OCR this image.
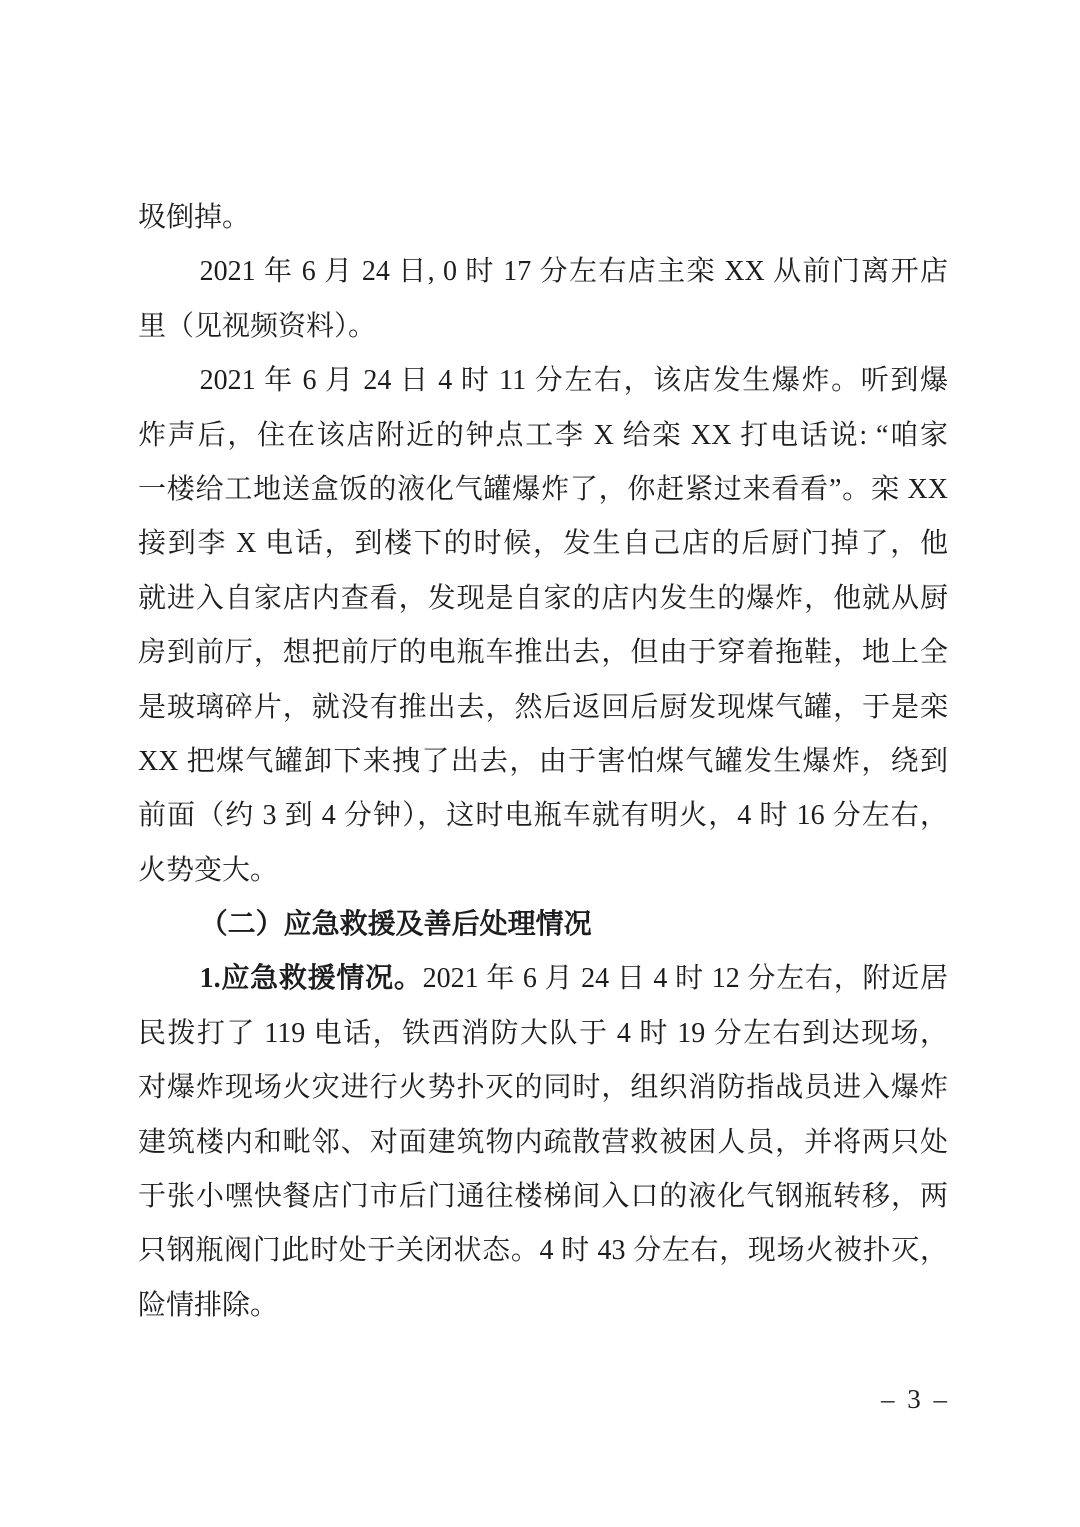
圾倒掉。
2021 年 6 月 24 日, 0 时 17 分左右店主栾 XX 从前门离开店
里（见视频资料）。
2021 年 6 月 24 日 4 时 11 分左右，该店发生爆炸。听到爆
炸声后，住在该店附近的钟点工李 X 给栾 XX 打电话说: “咱家
一楼给工地送盒饭的液化气罐爆炸了，你赶紧过来看看”。栾 XX
接到李 X 电话，到楼下的时候，发生自己店的后厨门掉了，他
就进入自家店内查看，发现是自家的店内发生的爆炸，他就从厨
房到前厅，想把前厅的电瓶车推出去，但由于穿着拖鞋，地上全
是玻璃碎片，就没有推出去，然后返回后厨发现煤气罐，于是栾
XX 把煤气罐卸下来拽了出去，由于害怕煤气罐发生爆炸，绕到
前面（约 3 到 4 分钟），这时电瓶车就有明火，4 时 16 分左右，
火势变大。
（二）应急救援及善后处理情况
1.应急救援情况。2021 年 6 月 24 日 4 时 12 分左右，附近居
民拨打了 119 电话，铁西消防大队于 4 时 19 分左右到达现场，
对爆炸现场火灾进行火势扑灭的同时，组织消防指战员进入爆炸
建筑楼内和毗邻、对面建筑物内疏散营救被困人员，并将两只处
于张小嘿快餐店门市后门通往楼梯间入口的液化气钢瓶转移，两
只钢瓶阀门此时处于关闭状态。4 时 43 分左右，现场火被扑灭，
险情排除。
– 3 –
